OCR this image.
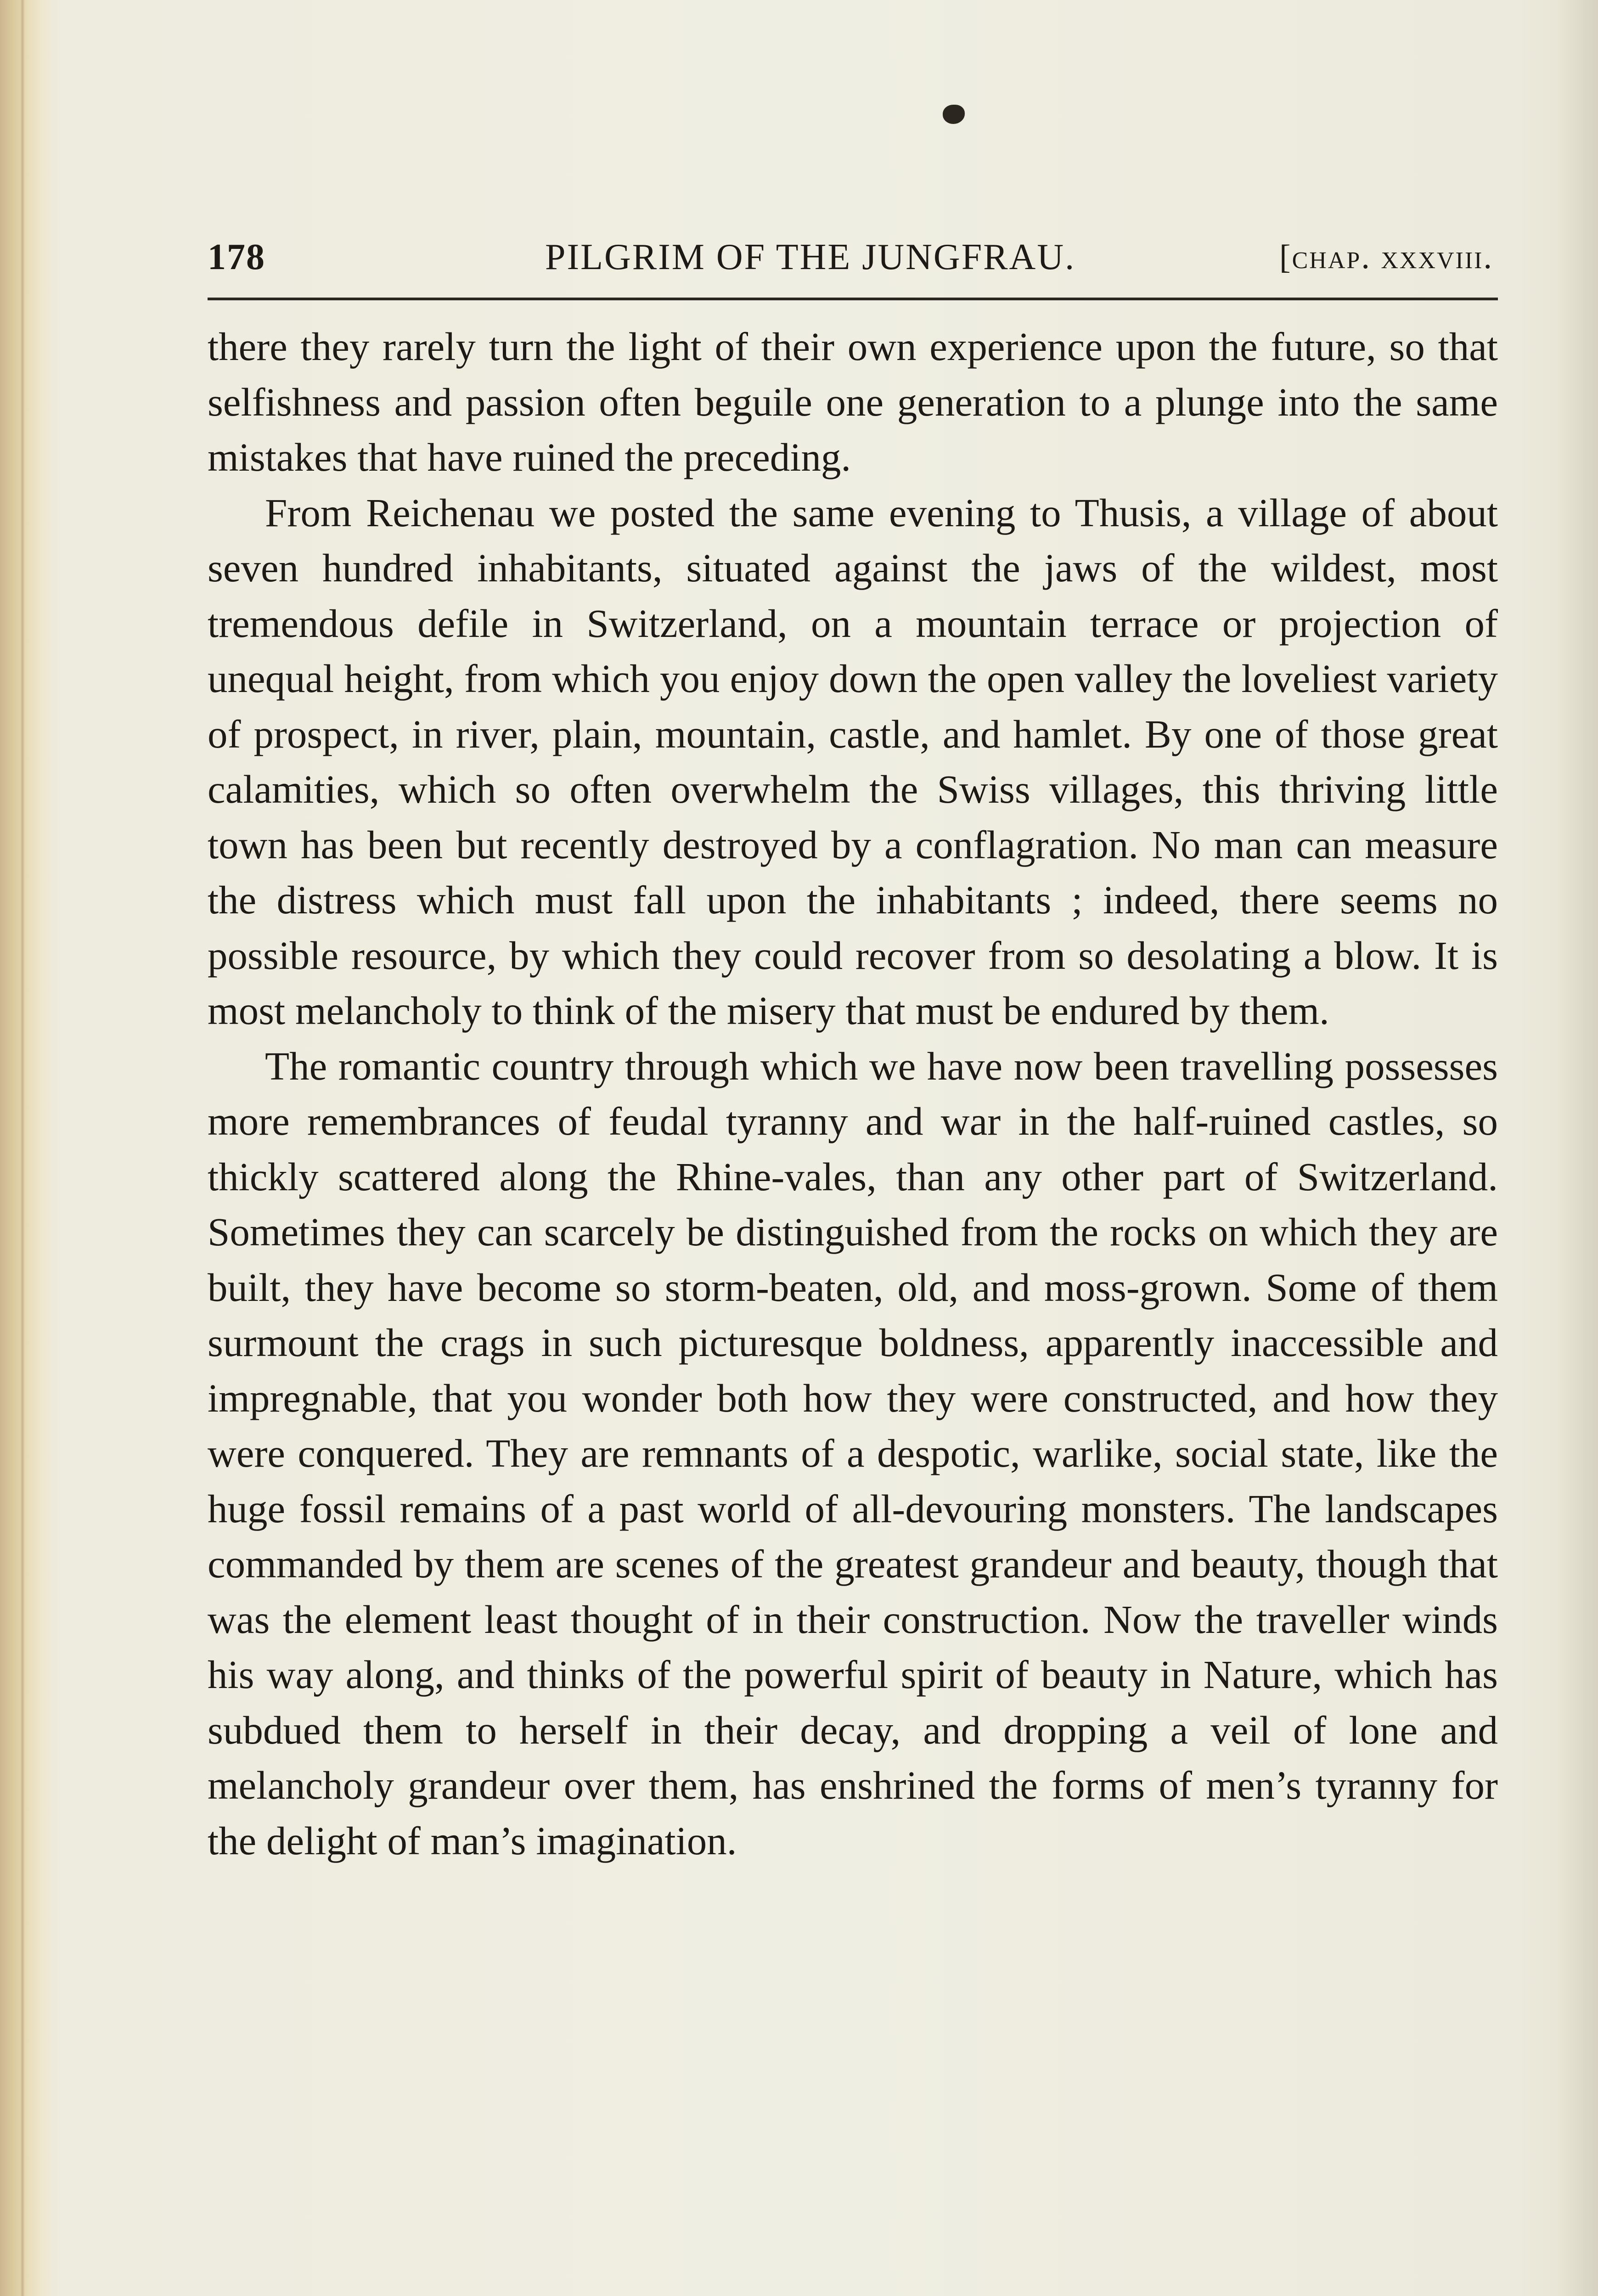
178	PILGRIM OF THE JUNGFRAU.	[chap. xxxviii.

there they rarely turn the light of their own experience upon the future, so that selfishness and passion often beguile one generation to a plunge into the same mistakes that have ruined the preceding.

From Reichenau we posted the same evening to Thusis, a village of about seven hundred inhabitants, situated against the jaws of the wildest, most tremendous defile in Switzerland, on a mountain terrace or projection of unequal height, from which you enjoy down the open valley the loveliest variety of prospect, in river, plain, mountain, castle, and hamlet. By one of those great calamities, which so often overwhelm the Swiss villages, this thriving little town has been but recently destroyed by a conflagration. No man can measure the distress which must fall upon the inhabitants ; indeed, there seems no possible resource, by which they could recover from so desolating a blow. It is most melancholy to think of the misery that must be endured by them.

The romantic country through which we have now been travelling possesses more remembrances of feudal tyranny and war in the half-ruined castles, so thickly scattered along the Rhine-vales, than any other part of Switzerland. Sometimes they can scarcely be distinguished from the rocks on which they are built, they have become so storm-beaten, old, and moss-grown. Some of them surmount the crags in such picturesque boldness, apparently inaccessible and impregnable, that you wonder both how they were constructed, and how they were conquered. They are remnants of a despotic, warlike, social state, like the huge fossil remains of a past world of all-devouring monsters. The landscapes commanded by them are scenes of the greatest grandeur and beauty, though that was the element least thought of in their construction. Now the traveller winds his way along, and thinks of the powerful spirit of beauty in Nature, which has subdued them to herself in their decay, and dropping a veil of lone and melancholy grandeur over them, has enshrined the forms of men’s tyranny for the delight of man’s imagination.
